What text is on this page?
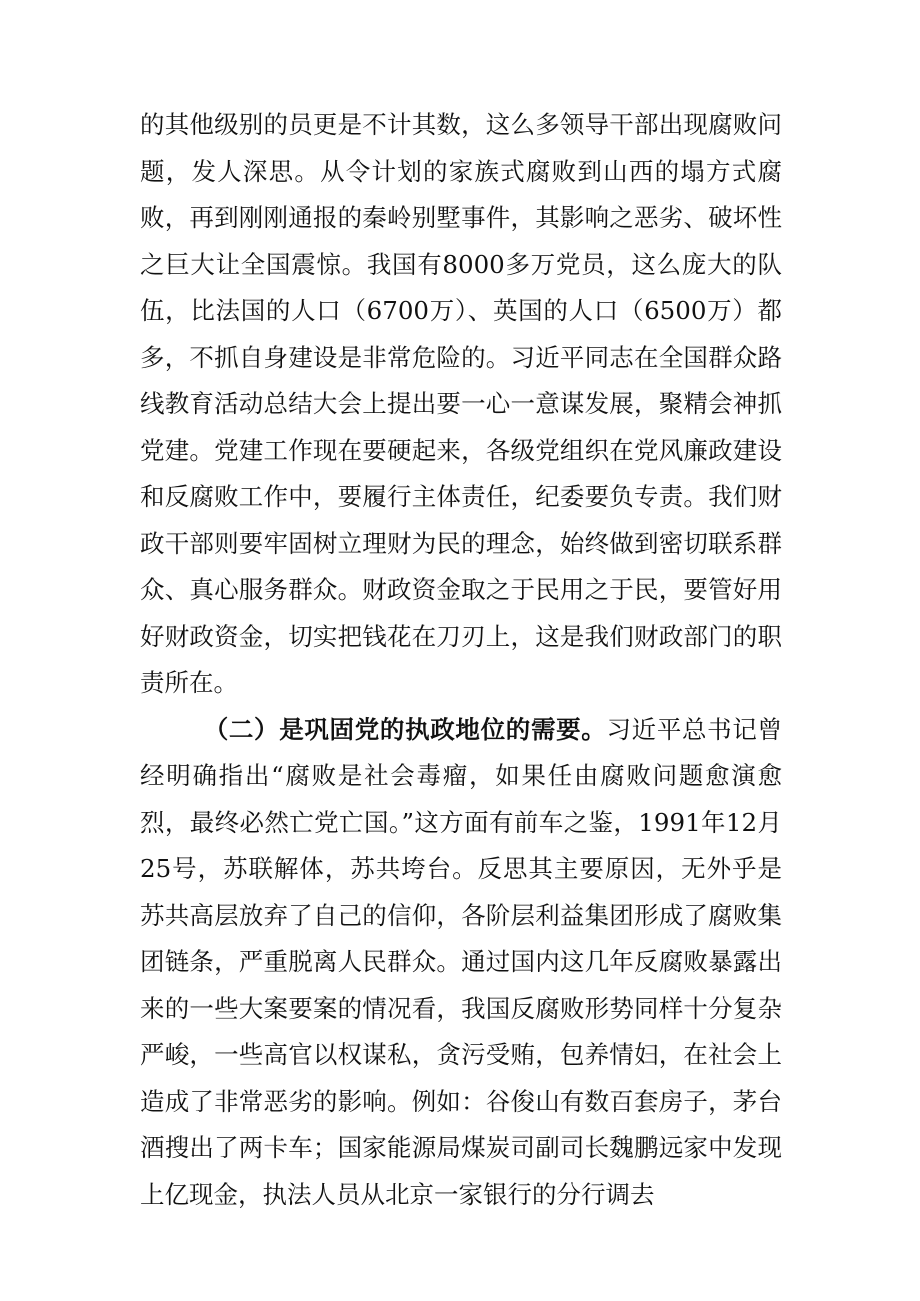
的其他级别的员更是不计其数，这么多领导干部出现腐败问题，发人深思。从令计划的家族式腐败到山西的塌方式腐败，再到刚刚通报的秦岭别墅事件，其影响之恶劣、破坏性之巨大让全国震惊。我国有8000多万党员，这么庞大的队伍，比法国的人口（6700万）、英国的人口（6500万）都多，不抓自身建设是非常危险的。习近平同志在全国群众路线教育活动总结大会上提出要一心一意谋发展，聚精会神抓党建。党建工作现在要硬起来，各级党组织在党风廉政建设和反腐败工作中，要履行主体责任，纪委要负专责。我们财政干部则要牢固树立理财为民的理念，始终做到密切联系群众、真心服务群众。财政资金取之于民用之于民，要管好用好财政资金，切实把钱花在刀刃上，这是我们财政部门的职责所在。

（二）是巩固党的执政地位的需要。习近平总书记曾经明确指出“腐败是社会毒瘤，如果任由腐败问题愈演愈烈，最终必然亡党亡国。”这方面有前车之鉴，1991年12月25号，苏联解体，苏共垮台。反思其主要原因，无外乎是苏共高层放弃了自己的信仰，各阶层利益集团形成了腐败集团链条，严重脱离人民群众。通过国内这几年反腐败暴露出来的一些大案要案的情况看，我国反腐败形势同样十分复杂严峻，一些高官以权谋私，贪污受贿，包养情妇，在社会上造成了非常恶劣的影响。例如：谷俊山有数百套房子，茅台酒搜出了两卡车；国家能源局煤炭司副司长魏鹏远家中发现上亿现金，执法人员从北京一家银行的分行调去
